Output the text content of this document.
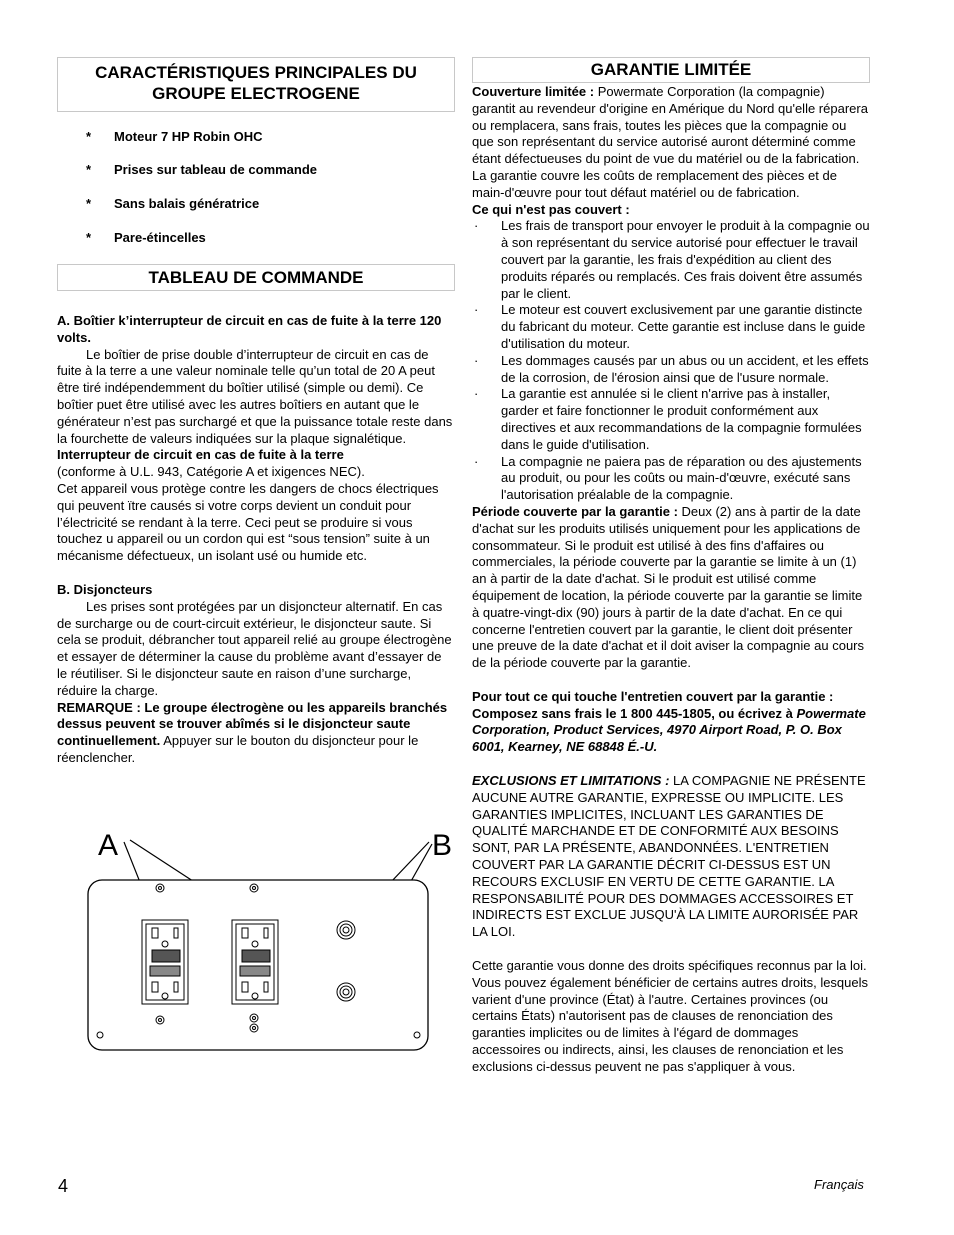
CARACTÉRISTIQUES PRINCIPALES DU GROUPE ELECTROGENE
* Moteur 7 HP Robin OHC
* Prises sur tableau de commande
* Sans balais génératrice
* Pare-étincelles
TABLEAU DE COMMANDE

A. Boîtier k’interrupteur de circuit en cas de fuite à la terre 120 volts.

Le boîtier de prise double d’interrupteur de circuit en cas de fuite à la terre a une valeur nominale telle qu’un total de 20 A peut être tiré indépendemment du boîtier utilisé (simple ou demi). Ce boîtier puet être utilisé avec les autres boîtiers en autant que le générateur n’est pas surchargé et que la puissance totale reste dans la fourchette de valeurs indiquées sur la plaque signalétique.

Interrupteur de circuit en cas de fuite à la terre

(conforme à U.L. 943, Catégorie A et ixigences NEC).

Cet appareil vous protège contre les dangers de chocs électriques qui peuvent ïtre causés si votre corps devient un conduit pour l’électricité se rendant à la terre. Ceci peut se produire si vous touchez u appareil ou un cordon qui est “sous tension” suite à un mécanisme défectueux, un isolant usé ou humide etc.

B. Disjoncteurs

Les prises sont protégées par un disjoncteur alternatif. En cas de surcharge ou de court-circuit extérieur, le disjoncteur saute. Si cela se produit, débrancher tout appareil relié au groupe électrogène et essayer de déterminer la cause du problème avant d’essayer de le réutiliser. Si le disjoncteur saute en raison d’une surcharge, réduire la charge.

REMARQUE : Le groupe électrogène ou les appareils branchés dessus peuvent se trouver abîmés si le disjoncteur saute continuellement. Appuyer sur le bouton du disjoncteur pour le réenclencher.

A	B
GARANTIE LIMITÉE

Couverture limitée : Powermate Corporation (la compagnie) garantit au revendeur d'origine en Amérique du Nord qu'elle réparera ou remplacera, sans frais, toutes les pièces que la compagnie ou que son représentant du service autorisé auront déterminé comme étant défectueuses du point de vue du matériel ou de la fabrication. La garantie couvre les coûts de remplacement des pièces et de main-d'œuvre pour tout défaut matériel ou de fabrication.

Ce qui n'est pas couvert :

· Les frais de transport pour envoyer le produit à la compagnie ou à son représentant du service autorisé pour effectuer le travail couvert par la garantie, les frais d'expédition au client des produits réparés ou remplacés. Ces frais doivent être assumés par le client.
· Le moteur est couvert exclusivement par une garantie distincte du fabricant du moteur. Cette garantie est incluse dans le guide d'utilisation du moteur.
· Les dommages causés par un abus ou un accident, et les effets de la corrosion, de l'érosion ainsi que de l'usure normale.
· La garantie est annulée si le client n'arrive pas à installer, garder et faire fonctionner le produit conformément aux directives et aux recommandations de la compagnie formulées dans le guide d'utilisation.
· La compagnie ne paiera pas de réparation ou des ajustements au produit, ou pour les coûts ou main-d'œuvre, exécuté sans l'autorisation préalable de la compagnie.

Période couverte par la garantie : Deux (2) ans à partir de la date d'achat sur les produits utilisés uniquement pour les applications de consommateur. Si le produit est utilisé à des fins d'affaires ou commerciales, la période couverte par la garantie se limite à un (1) an à partir de la date d'achat. Si le produit est utilisé comme équipement de location, la période couverte par la garantie se limite à quatre-vingt-dix (90) jours à partir de la date d'achat. En ce qui concerne l'entretien couvert par la garantie, le client doit présenter une preuve de la date d'achat et il doit aviser la compagnie au cours de la période couverte par la garantie.

Pour tout ce qui touche l'entretien couvert par la garantie : Composez sans frais le 1 800 445-1805, ou écrivez à Powermate Corporation, Product Services, 4970 Airport Road, P. O. Box 6001, Kearney, NE 68848 É.-U.

EXCLUSIONS ET LIMITATIONS : LA COMPAGNIE NE PRÉSENTE AUCUNE AUTRE GARANTIE, EXPRESSE OU IMPLICITE. LES GARANTIES IMPLICITES, INCLUANT LES GARANTIES DE QUALITÉ MARCHANDE ET DE CONFORMITÉ AUX BESOINS SONT, PAR LA PRÉSENTE, ABANDONNÉES. L'ENTRETIEN COUVERT PAR LA GARANTIE DÉCRIT CI-DESSUS EST UN RECOURS EXCLUSIF EN VERTU DE CETTE GARANTIE. LA RESPONSABILITÉ POUR DES DOMMAGES ACCESSOIRES ET INDIRECTS EST EXCLUE JUSQU'À LA LIMITE AURORISÉE PAR LA LOI.

Cette garantie vous donne des droits spécifiques reconnus par la loi. Vous pouvez également bénéficier de certains autres droits, lesquels varient d'une province (État) à l'autre. Certaines provinces (ou certains États) n'autorisent pas de clauses de renonciation des garanties implicites ou de limites à l'égard de dommages accessoires ou indirects, ainsi, les clauses de renonciation et les exclusions ci-dessus peuvent ne pas s'appliquer à vous.

4	Français
